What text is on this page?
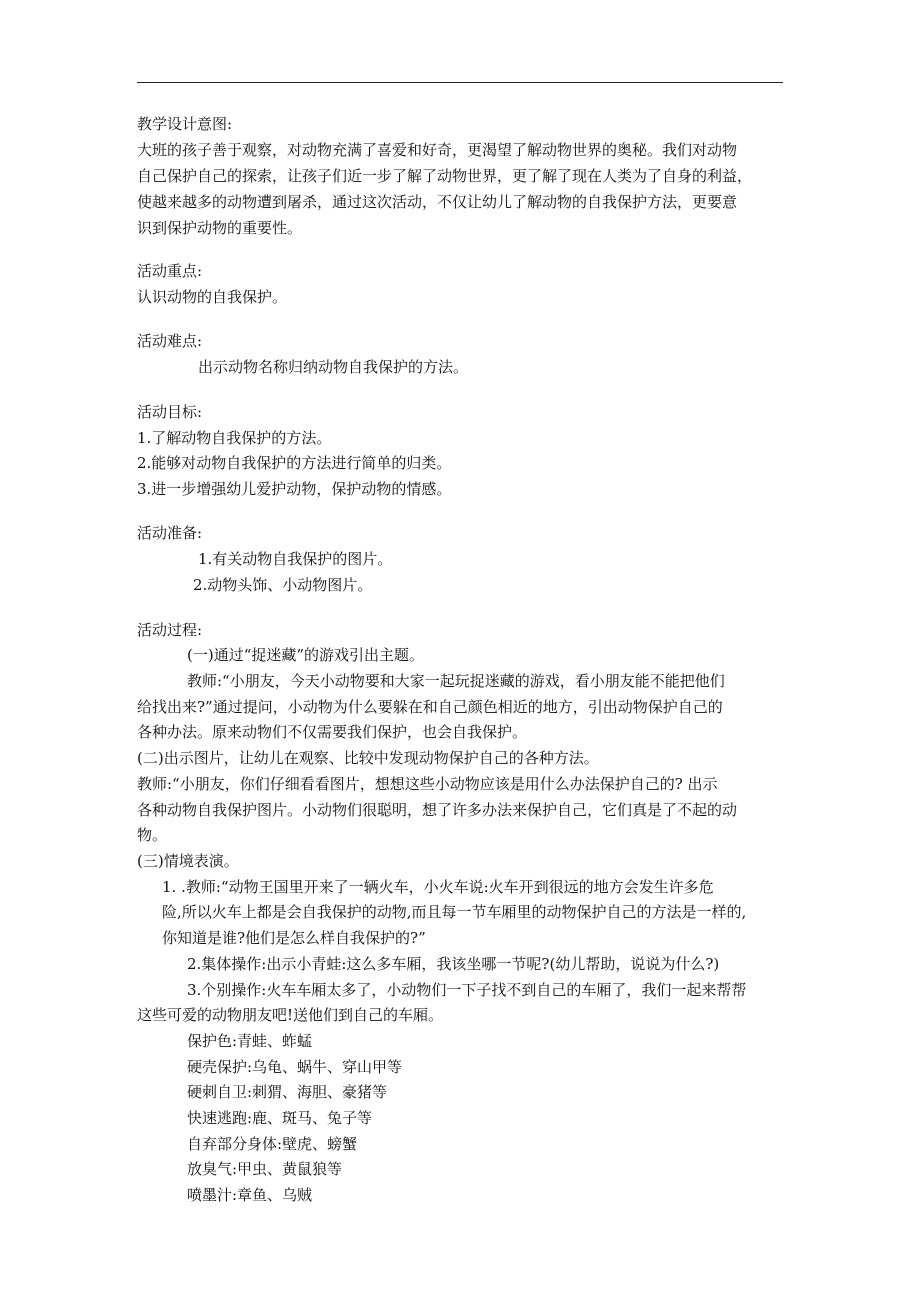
教学设计意图:
大班的孩子善于观察，对动物充满了喜爱和好奇，更渴望了解动物世界的奥秘。我们对动物
自己保护自己的探索，让孩子们近一步了解了动物世界，更了解了现在人类为了自身的利益，
使越来越多的动物遭到屠杀，通过这次活动，不仅让幼儿了解动物的自我保护方法，更要意
识到保护动物的重要性。
活动重点:
认识动物的自我保护。
活动难点:
出示动物名称归纳动物自我保护的方法。
活动目标:
1.了解动物自我保护的方法。
2.能够对动物自我保护的方法进行简单的归类。
3.进一步增强幼儿爱护动物，保护动物的情感。
活动准备:
1.有关动物自我保护的图片。
2.动物头饰、小动物图片。
活动过程:
(一)通过“捉迷藏”的游戏引出主题。
教师:“小朋友，今天小动物要和大家一起玩捉迷藏的游戏，看小朋友能不能把他们
给找出来?”通过提问，小动物为什么要躲在和自己颜色相近的地方，引出动物保护自己的
各种办法。原来动物们不仅需要我们保护，也会自我保护。
(二)出示图片，让幼儿在观察、比较中发现动物保护自己的各种方法。
教师:“小朋友，你们仔细看看图片，想想这些小动物应该是用什么办法保护自己的? 出示
各种动物自我保护图片。小动物们很聪明，想了许多办法来保护自己，它们真是了不起的动
物。
(三)情境表演。
1. .教师:“动物王国里开来了一辆火车，小火车说:火车开到很远的地方会发生许多危
险,所以火车上都是会自我保护的动物,而且每一节车厢里的动物保护自己的方法是一样的,
你知道是谁?他们是怎么样自我保护的?”
2.集体操作:出示小青蛙:这么多车厢，我该坐哪一节呢?(幼儿帮助，说说为什么?)
3.个别操作:火车车厢太多了，小动物们一下子找不到自己的车厢了，我们一起来帮帮
这些可爱的动物朋友吧!送他们到自己的车厢。
保护色:青蛙、蚱蜢
硬壳保护:乌龟、蜗牛、穿山甲等
硬刺自卫:刺猬、海胆、豪猪等
快速逃跑:鹿、斑马、兔子等
自弃部分身体:壁虎、螃蟹
放臭气:甲虫、黄鼠狼等
喷墨汁:章鱼、乌贼
